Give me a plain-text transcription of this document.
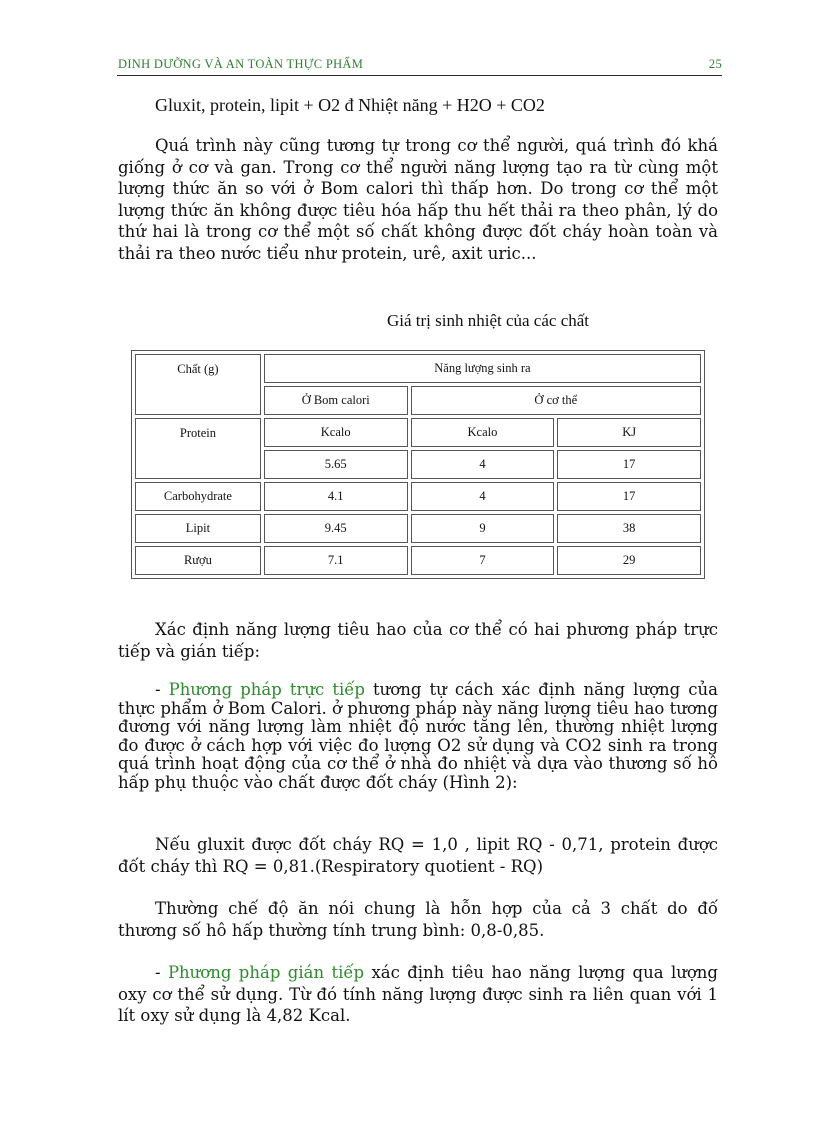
DINH DƯỠNG VÀ AN TOÀN THỰC PHẨM	25
Gluxit, protein, lipit + O2 đ Nhiệt năng + H2O + CO2
Quá trình này cũng tương tự trong cơ thể người, quá trình đó khá giống ở cơ và gan. Trong cơ thể người năng lượng tạo ra từ cùng một lượng thức ăn so với ở Bom calori thì thấp hơn. Do trong cơ thể một lượng thức ăn không được tiêu hóa hấp thu hết thải ra theo phân, lý do thứ hai là trong cơ thể một số chất không được đốt cháy hoàn toàn và thải ra theo nước tiểu như protein, urê, axit uric...
Giá trị sinh nhiệt của các chất
Chất (g)	Năng lượng sinh ra		
	Ở Bom calori	Ở cơ thể	
Protein	Kcalo	Kcalo	KJ
	5.65	4	17
Carbohydrate	4.1	4	17
Lipit	9.45	9	38
Rượu	7.1	7	29
Xác định năng lượng tiêu hao của cơ thể có hai phương pháp trực tiếp và gián tiếp:
- Phương pháp trực tiếp tương tự cách xác định năng lượng của thực phẩm ở Bom Calori. ở phương pháp này năng lượng tiêu hao tương đương với năng lượng làm nhiệt độ nước tăng lên, thường nhiệt lượng đo được ở cách hợp với việc đo lượng O2 sử dụng và CO2 sinh ra trong quá trình hoạt động của cơ thể ở nhà đo nhiệt và dựa vào thương số hô hấp phụ thuộc vào chất được đốt cháy (Hình 2):
Nếu gluxit được đốt cháy RQ = 1,0 , lipit RQ - 0,71, protein được đốt cháy thì RQ = 0,81.(Respiratory quotient - RQ)
Thường chế độ ăn nói chung là hỗn hợp của cả 3 chất do đố thương số hô hấp thường tính trung bình: 0,8-0,85.
- Phương pháp gián tiếp xác định tiêu hao năng lượng qua lượng oxy cơ thể sử dụng. Từ đó tính năng lượng được sinh ra liên quan với 1 lít oxy sử dụng là 4,82 Kcal.
